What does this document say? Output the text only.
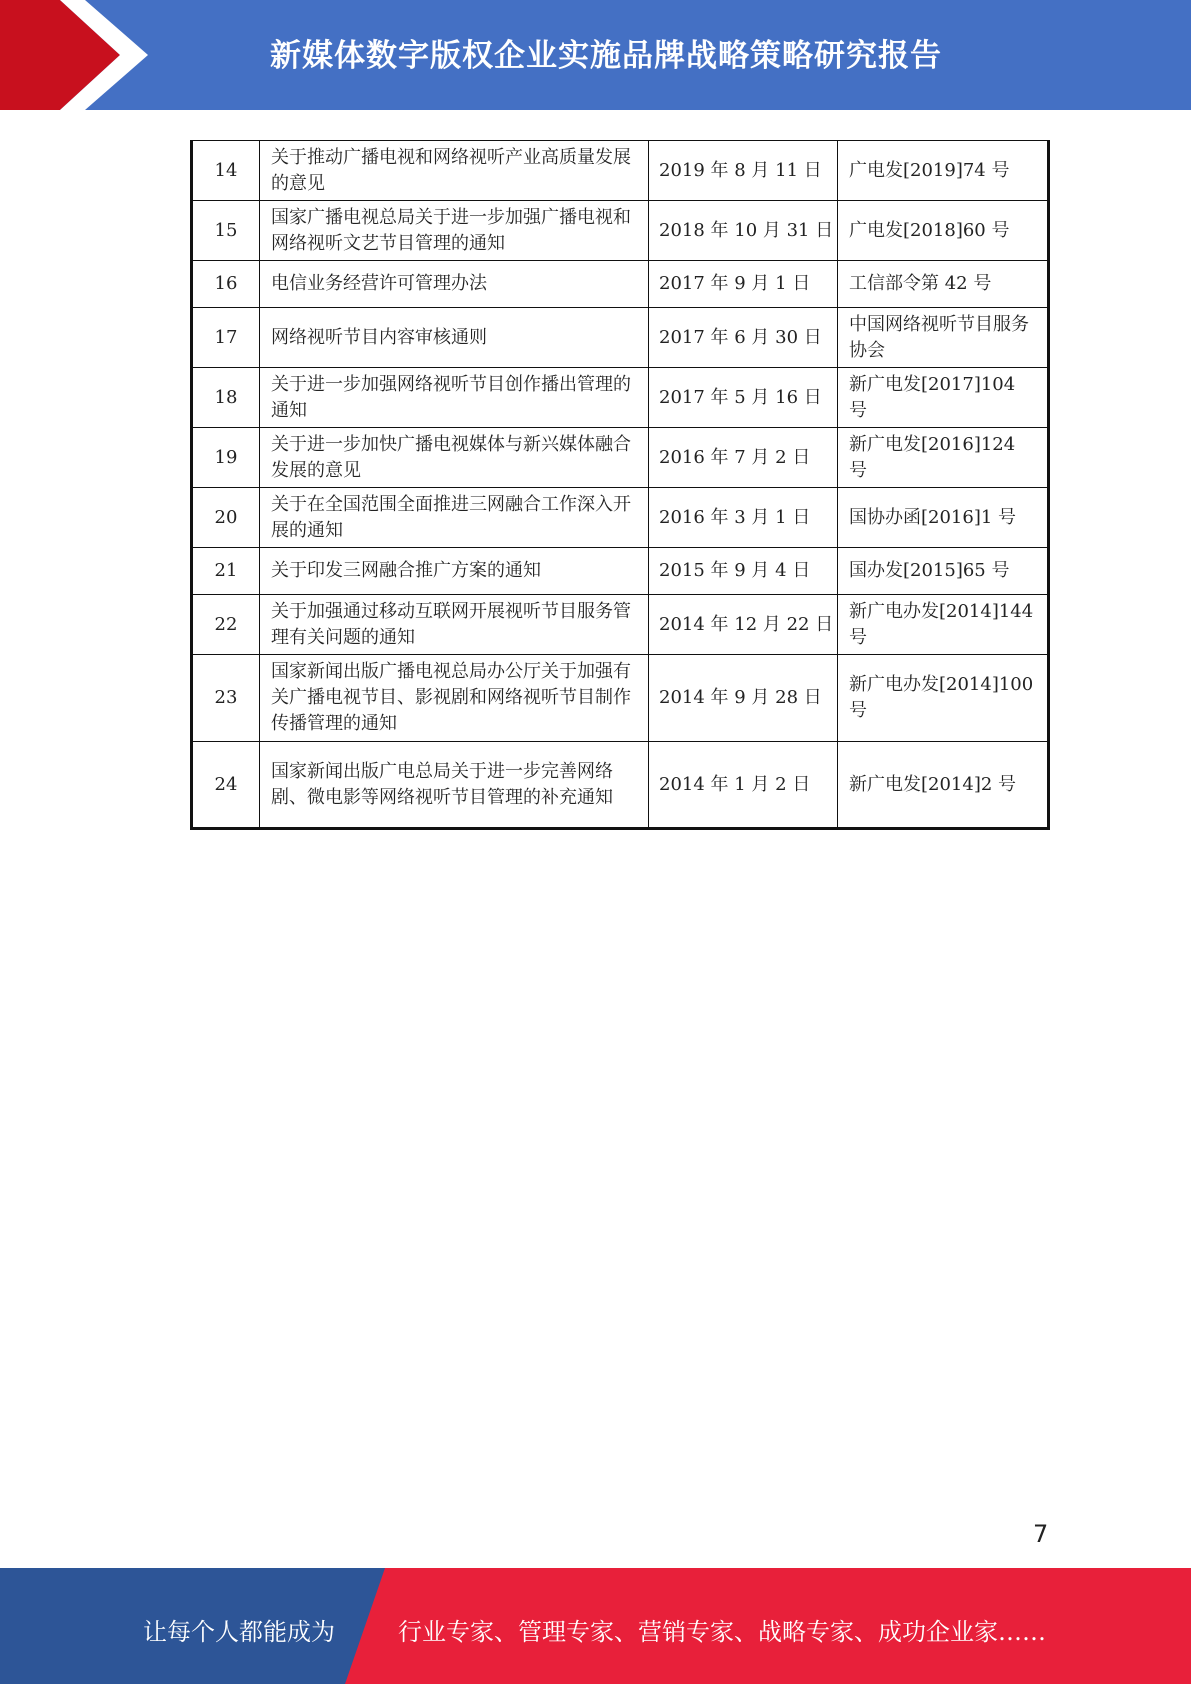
新媒体数字版权企业实施品牌战略策略研究报告
14	关于推动广播电视和网络视听产业高质量发展的意见	2019 年 8 月 11 日	广电发[2019]74 号
15	国家广播电视总局关于进一步加强广播电视和网络视听文艺节目管理的通知	2018 年 10 月 31 日	广电发[2018]60 号
16	电信业务经营许可管理办法	2017 年 9 月 1 日	工信部令第 42 号
17	网络视听节目内容审核通则	2017 年 6 月 30 日	中国网络视听节目服务协会
18	关于进一步加强网络视听节目创作播出管理的通知	2017 年 5 月 16 日	新广电发[2017]104 号
19	关于进一步加快广播电视媒体与新兴媒体融合发展的意见	2016 年 7 月 2 日	新广电发[2016]124 号
20	关于在全国范围全面推进三网融合工作深入开展的通知	2016 年 3 月 1 日	国协办函[2016]1 号
21	关于印发三网融合推广方案的通知	2015 年 9 月 4 日	国办发[2015]65 号
22	关于加强通过移动互联网开展视听节目服务管理有关问题的通知	2014 年 12 月 22 日	新广电办发[2014]144 号
23	国家新闻出版广播电视总局办公厅关于加强有关广播电视节目、影视剧和网络视听节目制作传播管理的通知	2014 年 9 月 28 日	新广电办发[2014]100 号
24	国家新闻出版广电总局关于进一步完善网络剧、微电影等网络视听节目管理的补充通知	2014 年 1 月 2 日	新广电发[2014]2 号
7
让每个人都能成为	行业专家、管理专家、营销专家、战略专家、成功企业家……
